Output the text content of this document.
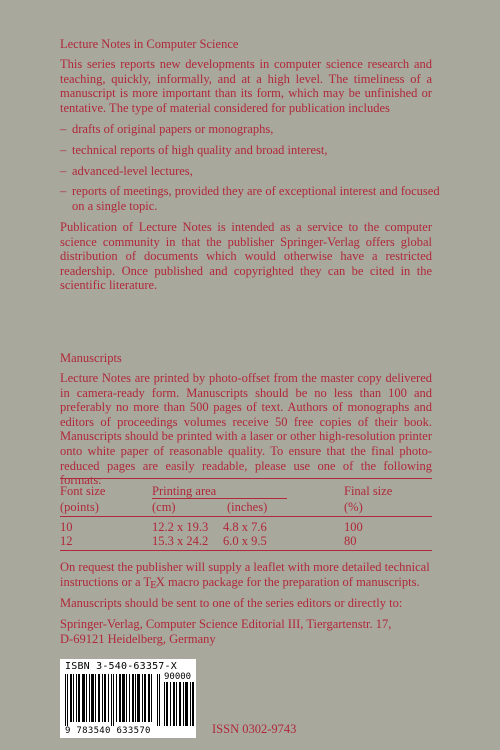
Lecture Notes in Computer Science

This series reports new developments in computer science research and teaching, quickly, informally, and at a high level. The timeliness of a manuscript is more important than its form, which may be unfinished or tentative. The type of material considered for publication includes

– drafts of original papers or monographs,

– technical reports of high quality and broad interest,

– advanced-level lectures,

– reports of meetings, provided they are of exceptional interest and focused
on a single topic.

Publication of Lecture Notes is intended as a service to the computer science community in that the publisher Springer-Verlag offers global distribution of documents which would otherwise have a restricted readership. Once published and copyrighted they can be cited in the scientific literature.

Manuscripts

Lecture Notes are printed by photo-offset from the master copy delivered in camera-ready form. Manuscripts should be no less than 100 and preferably no more than 500 pages of text. Authors of monographs and editors of proceedings volumes receive 50 free copies of their book. Manuscripts should be printed with a laser or other high-resolution printer onto white paper of reasonable quality. To ensure that the final photo-reduced pages are easily readable, please use one of the following formats:

Font size	Printing area	Final size

(points)	(cm)	(inches)	(%)

10	12.2 x 19.3 4.8 x 7.6	100

12	15.3 x 24.2 6.0 x 9.5	80

On request the publisher will supply a leaflet with more detailed technical

instructions or a TEX macro package for the preparation of manuscripts.

Manuscripts should be sent to one of the series editors or directly to:

Springer-Verlag, Computer Science Editorial III, Tiergartenstr. 17,

D-69121 Heidelberg, Germany

ISBN 3-540-63357-X
90000
9 783540 633570	ISSN 0302-9743
